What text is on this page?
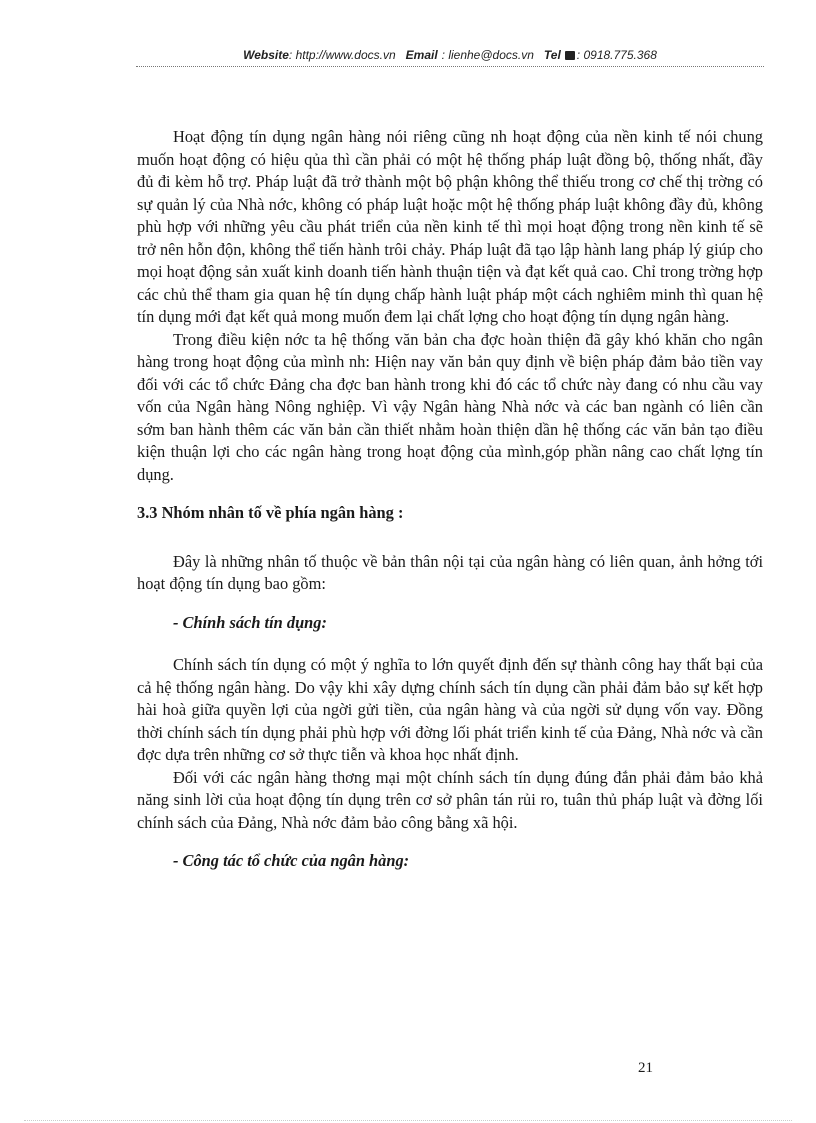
Website: http://www.docs.vn Email : lienhe@docs.vn Tel : 0918.775.368

Hoạt động tín dụng ngân hàng nói riêng cũng nh hoạt động của nền kinh tế nói chung muốn hoạt động có hiệu qủa thì cần phải có một hệ thống pháp luật đồng bộ, thống nhất, đầy đủ đi kèm hỗ trợ. Pháp luật đã trở thành một bộ phận không thể thiếu trong cơ chế thị trờng có sự quản lý của Nhà nớc, không có pháp luật hoặc một hệ thống pháp luật không đầy đủ, không phù hợp với những yêu cầu phát triển của nền kinh tế thì mọi hoạt động trong nền kinh tế sẽ trở nên hỗn độn, không thể tiến hành trôi chảy. Pháp luật đã tạo lập hành lang pháp lý giúp cho mọi hoạt động sản xuất kinh doanh tiến hành thuận tiện và đạt kết quả cao. Chỉ trong trờng hợp các chủ thể tham gia quan hệ tín dụng chấp hành luật pháp một cách nghiêm minh thì quan hệ tín dụng mới đạt kết quả mong muốn đem lại chất lợng cho hoạt động tín dụng ngân hàng.

Trong điều kiện nớc ta hệ thống văn bản cha đợc hoàn thiện đã gây khó khăn cho ngân hàng trong hoạt động của mình nh: Hiện nay văn bản quy định về biện pháp đảm bảo tiền vay đối với các tổ chức Đảng cha đợc ban hành trong khi đó các tổ chức này đang có nhu cầu vay vốn của Ngân hàng Nông nghiệp. Vì vậy Ngân hàng Nhà nớc và các ban ngành có liên cần sớm ban hành thêm các văn bản cần thiết nhằm hoàn thiện dần hệ thống các văn bản tạo điều kiện thuận lợi cho các ngân hàng trong hoạt động của mình,góp phần nâng cao chất lợng tín dụng.

3.3 Nhóm nhân tố về phía ngân hàng :

Đây là những nhân tố thuộc về bản thân nội tại của ngân hàng có liên quan, ảnh hởng tới hoạt động tín dụng bao gồm:

- Chính sách tín dụng:

Chính sách tín dụng có một ý nghĩa to lớn quyết định đến sự thành công hay thất bại của cả hệ thống ngân hàng. Do vậy khi xây dựng chính sách tín dụng cần phải đảm bảo sự kết hợp hài hoà giữa quyền lợi của ngời gửi tiền, của ngân hàng và của ngời sử dụng vốn vay. Đồng thời chính sách tín dụng phải phù hợp với đờng lối phát triển kinh tế của Đảng, Nhà nớc và cần đợc dựa trên những cơ sở thực tiễn và khoa học nhất định.

Đối với các ngân hàng thơng mại một chính sách tín dụng đúng đắn phải đảm bảo khả năng sinh lời của hoạt động tín dụng trên cơ sở phân tán rủi ro, tuân thủ pháp luật và đờng lối chính sách của Đảng, Nhà nớc đảm bảo công bằng xã hội.

- Công tác tổ chức của ngân hàng:
21
